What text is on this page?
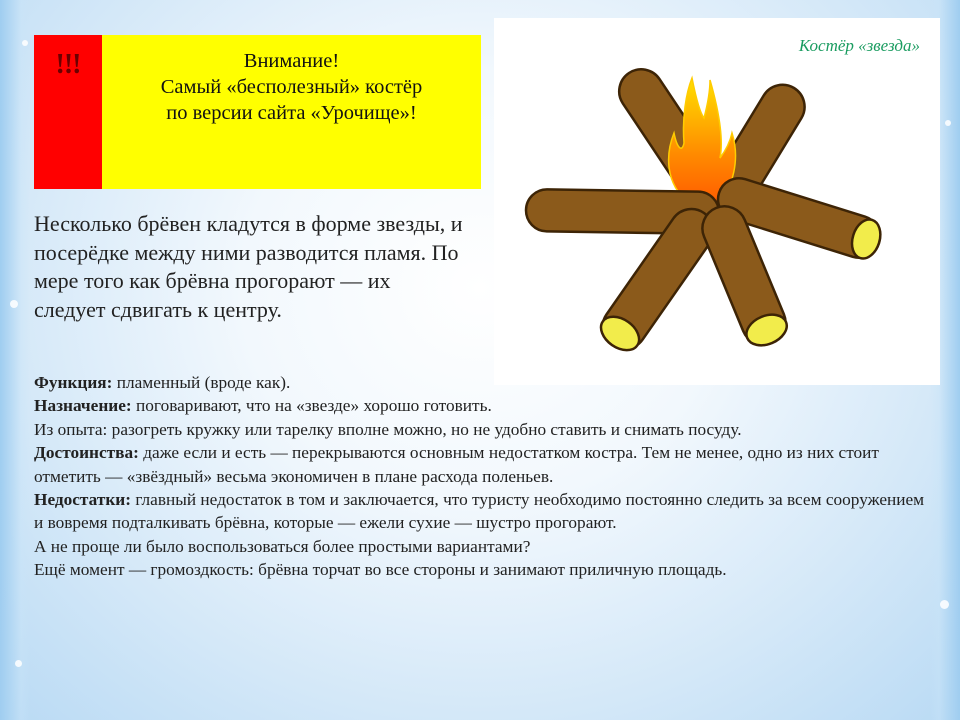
!!!	Внимание!
Самый «бесполезный» костёр
по версии сайта «Урочище»!
Несколько брёвен кладутся в форме звезды, и посерёдке между ними разводится пламя. По мере того как брёвна прогорают — их следует сдвигать к центру.
Костёр «звезда»

Функция: пламенный (вроде как).

Назначение: поговаривают, что на «звезде» хорошо готовить.

Из опыта: разогреть кружку или тарелку вполне можно, но не удобно ставить и снимать посуду.

Достоинства: даже если и есть — перекрываются основным недостатком костра. Тем не менее, одно из них стоит отметить — «звёздный» весьма экономичен в плане расхода поленьев.

Недостатки: главный недостаток в том и заключается, что туристу необходимо постоянно следить за всем сооружением и вовремя подталкивать брёвна, которые — ежели сухие — шустро прогорают.

А не проще ли было воспользоваться более простыми вариантами?

Ещё момент — громоздкость: брёвна торчат во все стороны и занимают приличную площадь.
